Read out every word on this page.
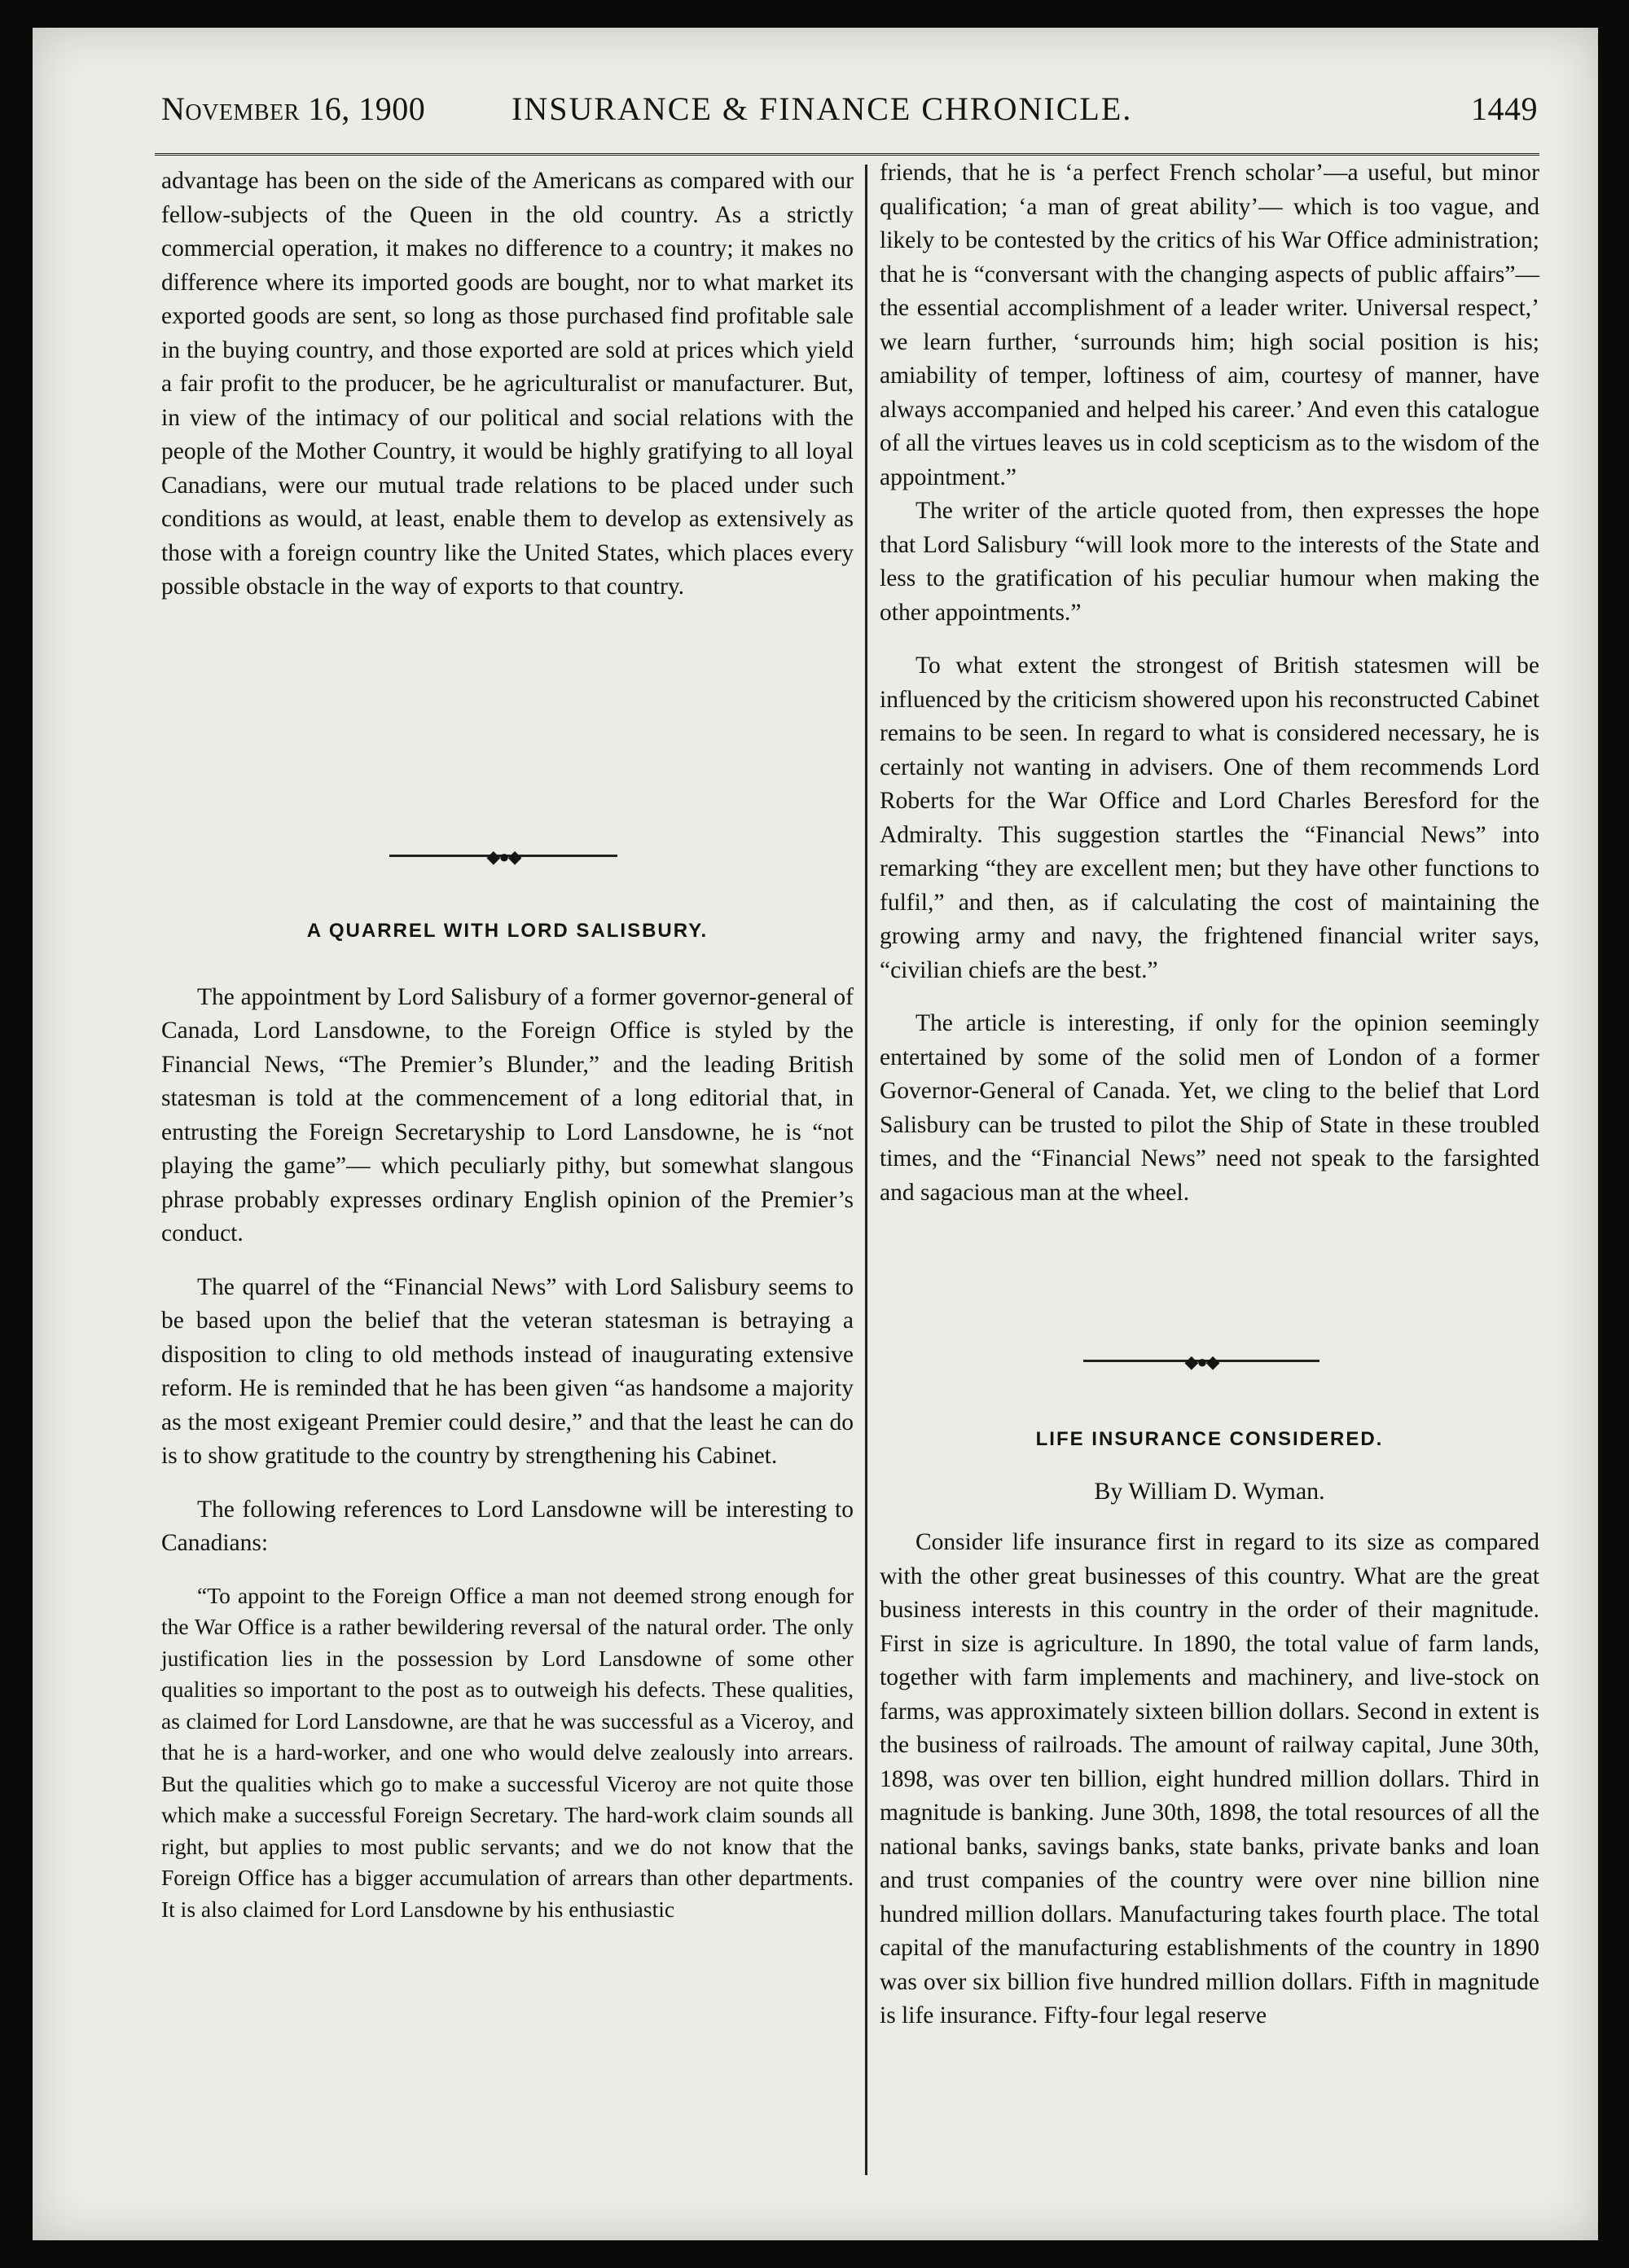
November 16, 1900	INSURANCE & FINANCE CHRONICLE.	1449

advantage has been on the side of the Americans as compared with our fellow-subjects of the Queen in the old country. As a strictly commercial operation, it makes no difference to a country; it makes no difference where its imported goods are bought, nor to what market its exported goods are sent, so long as those purchased find profitable sale in the buying country, and those exported are sold at prices which yield a fair profit to the producer, be he agriculturalist or manufacturer. But, in view of the intimacy of our political and social relations with the people of the Mother Country, it would be highly gratifying to all loyal Canadians, were our mutual trade relations to be placed under such conditions as would, at least, enable them to develop as extensively as those with a foreign country like the United States, which places every possible obstacle in the way of exports to that country.

◆●◆
A QUARREL WITH LORD SALISBURY.

The appointment by Lord Salisbury of a former governor-general of Canada, Lord Lansdowne, to the Foreign Office is styled by the Financial News, “The Premier’s Blunder,” and the leading British statesman is told at the commencement of a long editorial that, in entrusting the Foreign Secretaryship to Lord Lansdowne, he is “not playing the game”— which peculiarly pithy, but somewhat slangous phrase probably expresses ordinary English opinion of the Premier’s conduct.

The quarrel of the “Financial News” with Lord Salisbury seems to be based upon the belief that the veteran statesman is betraying a disposition to cling to old methods instead of inaugurating extensive reform. He is reminded that he has been given “as handsome a majority as the most exigeant Premier could desire,” and that the least he can do is to show gratitude to the country by strengthening his Cabinet.

The following references to Lord Lansdowne will be interesting to Canadians:

“To appoint to the Foreign Office a man not deemed strong enough for the War Office is a rather bewildering reversal of the natural order. The only justification lies in the possession by Lord Lansdowne of some other qualities so important to the post as to outweigh his defects. These qualities, as claimed for Lord Lansdowne, are that he was successful as a Viceroy, and that he is a hard-worker, and one who would delve zealously into arrears. But the qualities which go to make a successful Viceroy are not quite those which make a successful Foreign Secretary. The hard-work claim sounds all right, but applies to most public servants; and we do not know that the Foreign Office has a bigger accumulation of arrears than other departments. It is also claimed for Lord Lansdowne by his enthusiastic

friends, that he is ‘a perfect French scholar’—a useful, but minor qualification; ‘a man of great ability’— which is too vague, and likely to be contested by the critics of his War Office administration; that he is “conversant with the changing aspects of public affairs”—the essential accomplishment of a leader writer. Universal respect,’ we learn further, ‘surrounds him; high social position is his; amiability of temper, loftiness of aim, courtesy of manner, have always accompanied and helped his career.’ And even this catalogue of all the virtues leaves us in cold scepticism as to the wisdom of the appointment.”

The writer of the article quoted from, then expresses the hope that Lord Salisbury “will look more to the interests of the State and less to the gratification of his peculiar humour when making the other appointments.”

To what extent the strongest of British statesmen will be influenced by the criticism showered upon his reconstructed Cabinet remains to be seen. In regard to what is considered necessary, he is certainly not wanting in advisers. One of them recommends Lord Roberts for the War Office and Lord Charles Beresford for the Admiralty. This suggestion startles the “Financial News” into remarking “they are excellent men; but they have other functions to fulfil,” and then, as if calculating the cost of maintaining the growing army and navy, the frightened financial writer says, “civilian chiefs are the best.”

The article is interesting, if only for the opinion seemingly entertained by some of the solid men of London of a former Governor-General of Canada. Yet, we cling to the belief that Lord Salisbury can be trusted to pilot the Ship of State in these troubled times, and the “Financial News” need not speak to the farsighted and sagacious man at the wheel.

◆●◆
LIFE INSURANCE CONSIDERED.
By William D. Wyman.

Consider life insurance first in regard to its size as compared with the other great businesses of this country. What are the great business interests in this country in the order of their magnitude. First in size is agriculture. In 1890, the total value of farm lands, together with farm implements and machinery, and live-stock on farms, was approximately sixteen billion dollars. Second in extent is the business of railroads. The amount of railway capital, June 30th, 1898, was over ten billion, eight hundred million dollars. Third in magnitude is banking. June 30th, 1898, the total resources of all the national banks, savings banks, state banks, private banks and loan and trust companies of the country were over nine billion nine hundred million dollars. Manufacturing takes fourth place. The total capital of the manufacturing establishments of the country in 1890 was over six billion five hundred million dollars. Fifth in magnitude is life insurance. Fifty-four legal reserve
